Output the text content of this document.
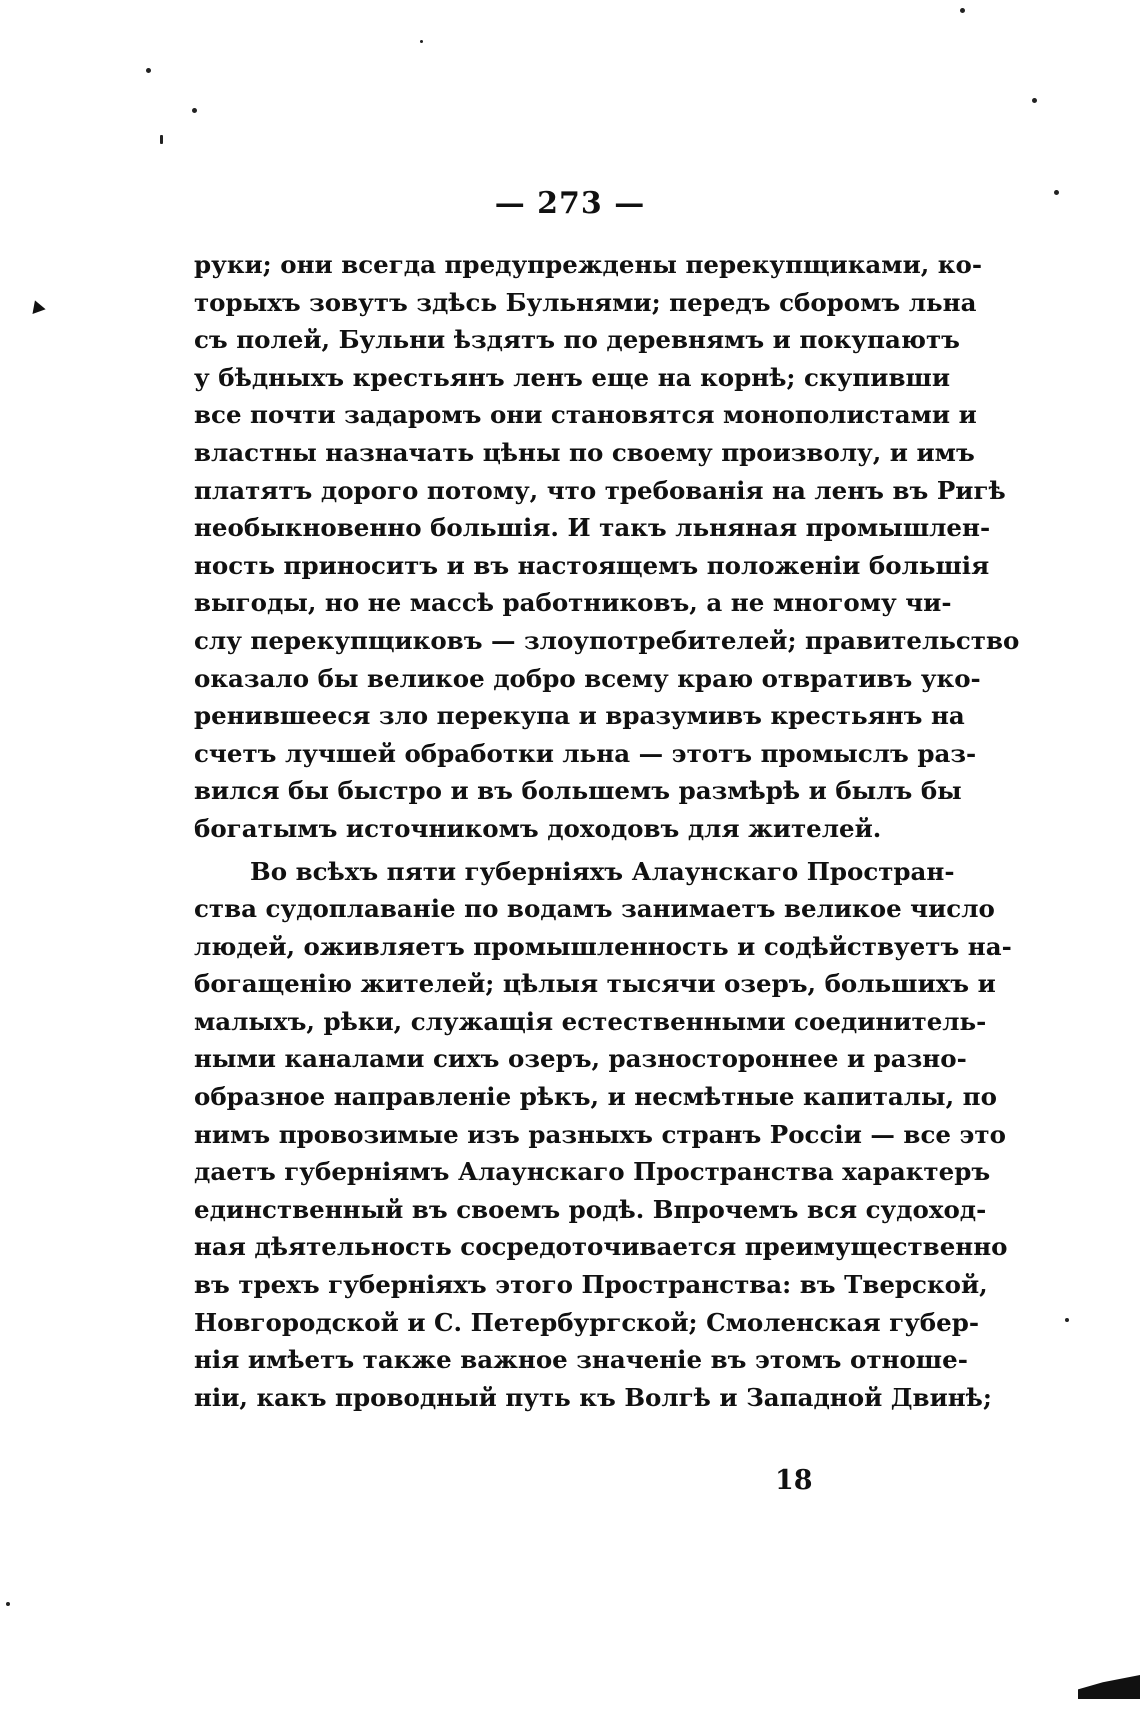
— 273 —
руки; они всегда предупреждены перекупщиками, ко-
торыхъ зовутъ здѣсь Бульнями; передъ сборомъ льна
съ полей, Бульни ѣздятъ по деревнямъ и покупаютъ
у бѣдныхъ крестьянъ ленъ еще на корнѣ; скупивши
все почти задаромъ они становятся монополистами и
властны назначать цѣны по своему произволу, и имъ
платятъ дорого потому, что требованія на ленъ въ Ригѣ
необыкновенно большія. И такъ льняная промышлен-
ность приноситъ и въ настоящемъ положеніи большія
выгоды, но не массѣ работниковъ, а не многому чи-
слу перекупщиковъ — злоупотребителей; правительство
оказало бы великое добро всему краю отвративъ уко-
ренившееся зло перекупа и вразумивъ крестьянъ на
счетъ лучшей обработки льна — этотъ промыслъ раз-
вился бы быстро и въ большемъ размѣрѣ и былъ бы
богатымъ источникомъ доходовъ для жителей.
Во всѣхъ пяти губерніяхъ Алаунскаго Простран-
ства судоплаваніе по водамъ занимаетъ великое число
людей, оживляетъ промышленность и содѣйствуетъ на-
богащенію жителей; цѣлыя тысячи озеръ, большихъ и
малыхъ, рѣки, служащія естественными соединитель-
ными каналами сихъ озеръ, разностороннее и разно-
образное направленіе рѣкъ, и несмѣтные капиталы, по
нимъ провозимые изъ разныхъ странъ Россіи — все это
даетъ губерніямъ Алаунскаго Пространства характеръ
единственный въ своемъ родѣ. Впрочемъ вся судоход-
ная дѣятельность сосредоточивается преимущественно
въ трехъ губерніяхъ этого Пространства: въ Тверской,
Новгородской и С. Петербургской; Смоленская губер-
нія имѣетъ также важное значеніе въ этомъ отноше-
ніи, какъ проводный путь къ Волгѣ и Западной Двинѣ;
18
